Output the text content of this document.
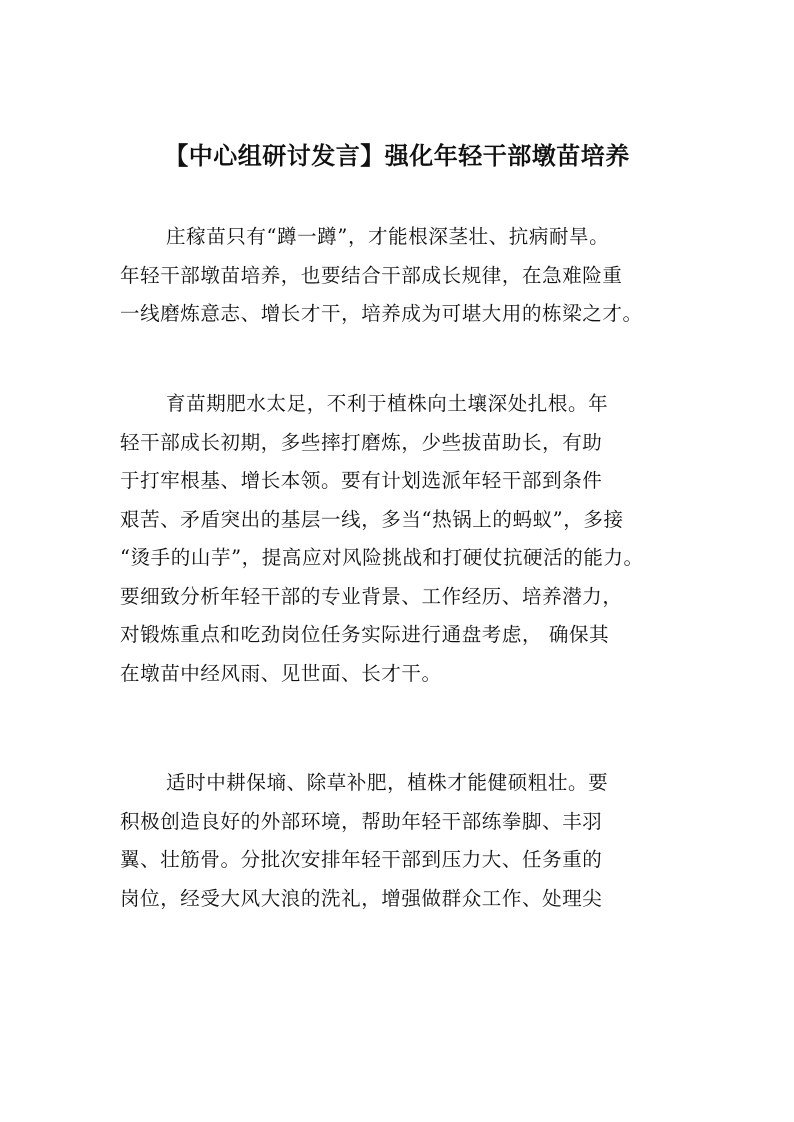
【中心组研讨发言】强化年轻干部墩苗培养
庄稼苗只有“蹲一蹲”，才能根深茎壮、抗病耐旱。
年轻干部墩苗培养，也要结合干部成长规律，在急难险重
一线磨炼意志、增长才干，培养成为可堪大用的栋梁之才。
育苗期肥水太足，不利于植株向土壤深处扎根。年
轻干部成长初期，多些摔打磨炼，少些拔苗助长，有助
于打牢根基、增长本领。要有计划选派年轻干部到条件
艰苦、矛盾突出的基层一线，多当“热锅上的蚂蚁”，多接
“烫手的山芋”，提高应对风险挑战和打硬仗抗硬活的能力。
要细致分析年轻干部的专业背景、工作经历、培养潜力，
对锻炼重点和吃劲岗位任务实际进行通盘考虑， 确保其
在墩苗中经风雨、见世面、长才干。
适时中耕保墒、除草补肥，植株才能健硕粗壮。要
积极创造良好的外部环境，帮助年轻干部练拳脚、丰羽
翼、壮筋骨。分批次安排年轻干部到压力大、任务重的
岗位，经受大风大浪的洗礼，增强做群众工作、处理尖
